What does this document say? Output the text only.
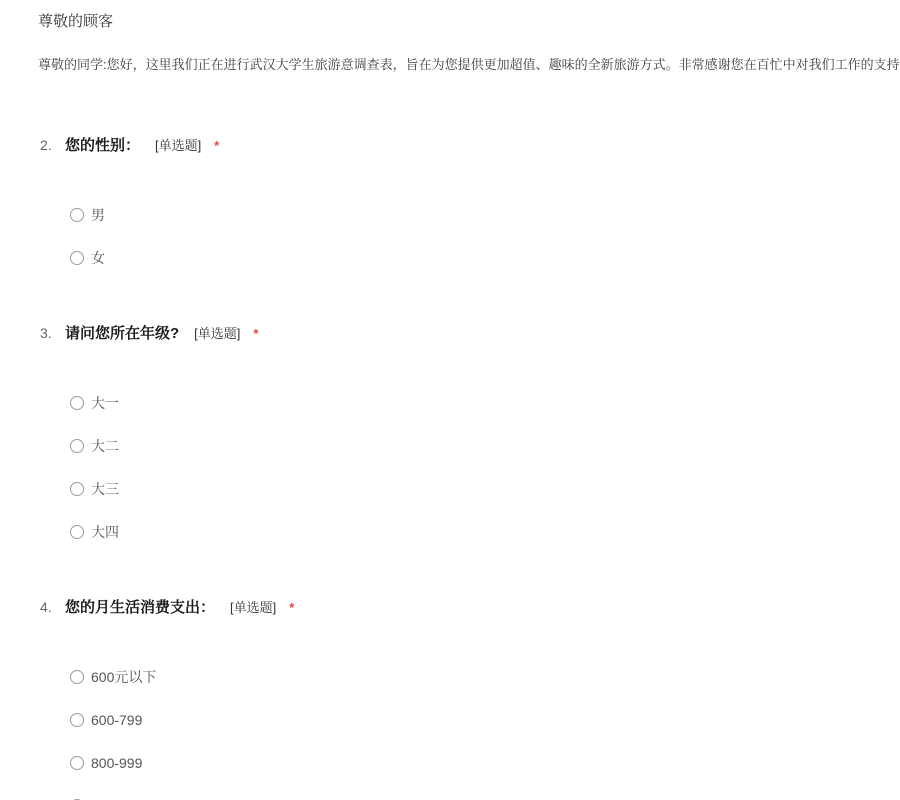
尊敬的顾客
尊敬的同学:您好，这里我们正在进行武汉大学生旅游意调查表，旨在为您提供更加超值、趣味的全新旅游方式。非常感谢您在百忙中对我们工作的支持
2. 您的性别： [单选题] *
男
女
3. 请问您所在年级? [单选题] *
大一
大二
大三
大四
4. 您的月生活消费支出： [单选题] *
600元以下
600-799
800-999
